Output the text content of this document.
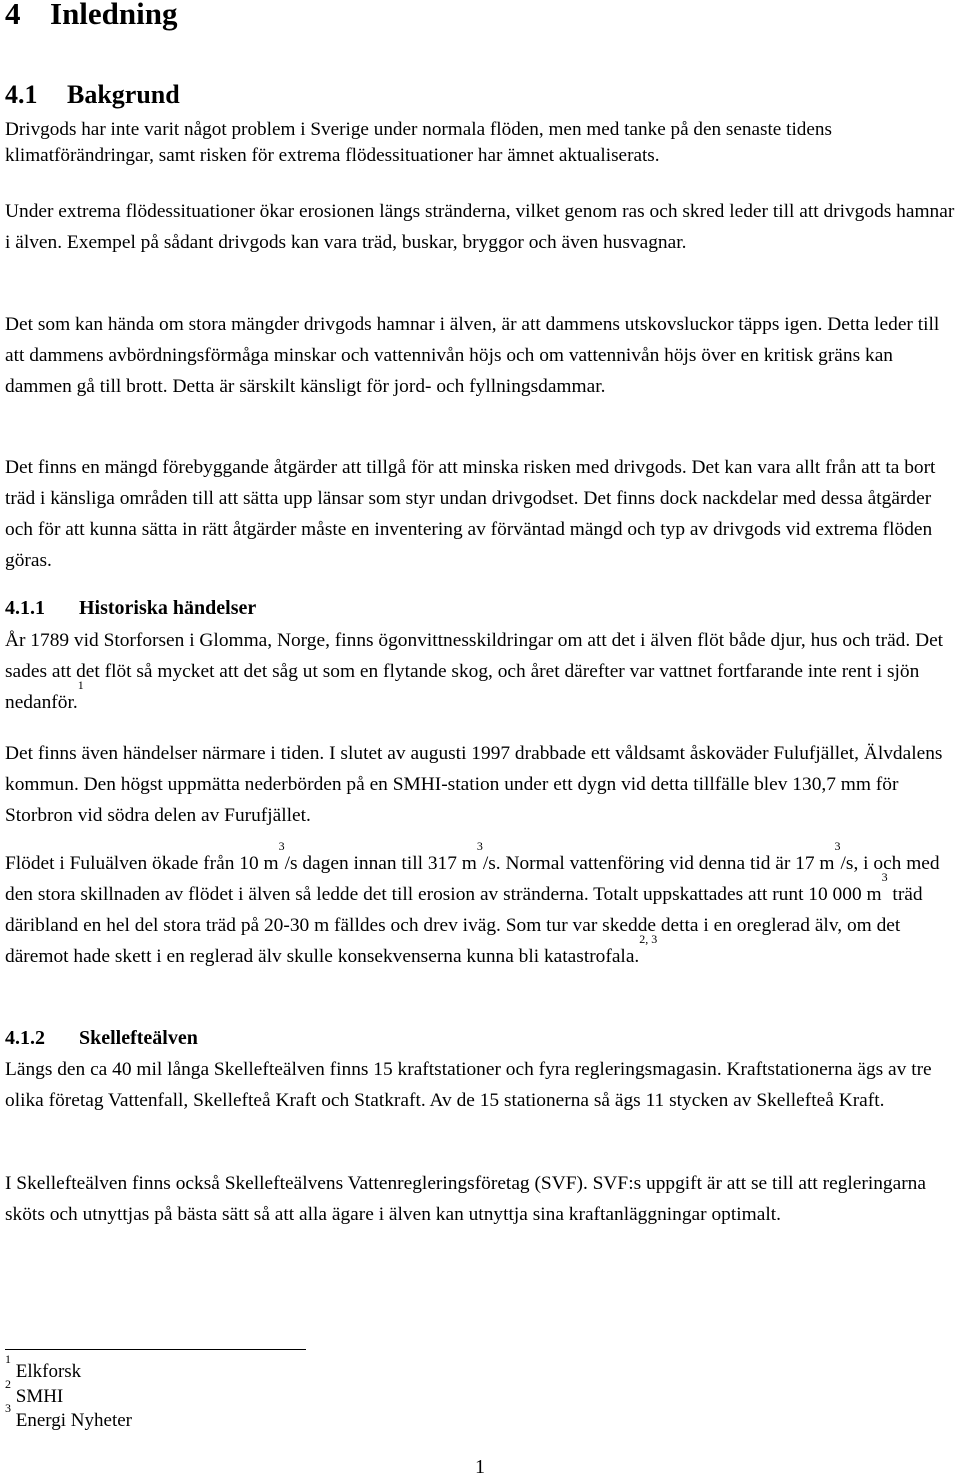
4 Inledning
4.1 Bakgrund
Drivgods har inte varit något problem i Sverige under normala flöden, men med tanke på den senaste tidens klimatförändringar, samt risken för extrema flödessituationer har ämnet aktualiserats.
Under extrema flödessituationer ökar erosionen längs stränderna, vilket genom ras och skred leder till att drivgods hamnar i älven. Exempel på sådant drivgods kan vara träd, buskar, bryggor och även husvagnar.
Det som kan hända om stora mängder drivgods hamnar i älven, är att dammens utskovsluckor täpps igen. Detta leder till att dammens avbördningsförmåga minskar och vattennivån höjs och om vattennivån höjs över en kritisk gräns kan dammen gå till brott. Detta är särskilt känsligt för jord- och fyllningsdammar.
Det finns en mängd förebyggande åtgärder att tillgå för att minska risken med drivgods. Det kan vara allt från att ta bort träd i känsliga områden till att sätta upp länsar som styr undan drivgodset. Det finns dock nackdelar med dessa åtgärder och för att kunna sätta in rätt åtgärder måste en inventering av förväntad mängd och typ av drivgods vid extrema flöden göras.
4.1.1 Historiska händelser
År 1789 vid Storforsen i Glomma, Norge, finns ögonvittnesskildringar om att det i älven flöt både djur, hus och träd. Det sades att det flöt så mycket att det såg ut som en flytande skog, och året därefter var vattnet fortfarande inte rent i sjön nedanför.$^1$
Det finns även händelser närmare i tiden. I slutet av augusti 1997 drabbade ett våldsamt åskoväder Fulufjället, Älvdalens kommun. Den högst uppmätta nederbörden på en SMHI-station under ett dygn vid detta tillfälle blev 130,7 mm för Storbron vid södra delen av Furufjället.
Flödet i Fuluälven ökade från 10 $m^3/s$ dagen innan till 317 $m^3/s$. Normal vattenföring vid denna tid är 17 $m^3/s$, i och med den stora skillnaden av flödet i älven så ledde det till erosion av stränderna. Totalt uppskattades att runt 10 000 $m^3$ träd däribland en hel del stora träd på 20-30 m fälldes och drev iväg. Som tur var skedde detta i en oreglerad älv, om det däremot hade skett i en reglerad älv skulle konsekvenserna kunna bli katastrofala.$^{2, 3}$
4.1.2 Skellefteälven
Längs den ca 40 mil långa Skellefteälven finns 15 kraftstationer och fyra regleringsmagasin. Kraftstationerna ägs av tre olika företag Vattenfall, Skellefteå Kraft och Statkraft. Av de 15 stationerna så ägs 11 stycken av Skellefteå Kraft.
I Skellefteälven finns också Skellefteälvens Vattenregleringsföretag (SVF). SVF:s uppgift är att se till att regleringarna sköts och utnyttjas på bästa sätt så att alla ägare i älven kan utnyttja sina kraftanläggningar optimalt.
$^1$ Elkforsk
$^2$ SMHI
$^3$ Energi Nyheter
1
